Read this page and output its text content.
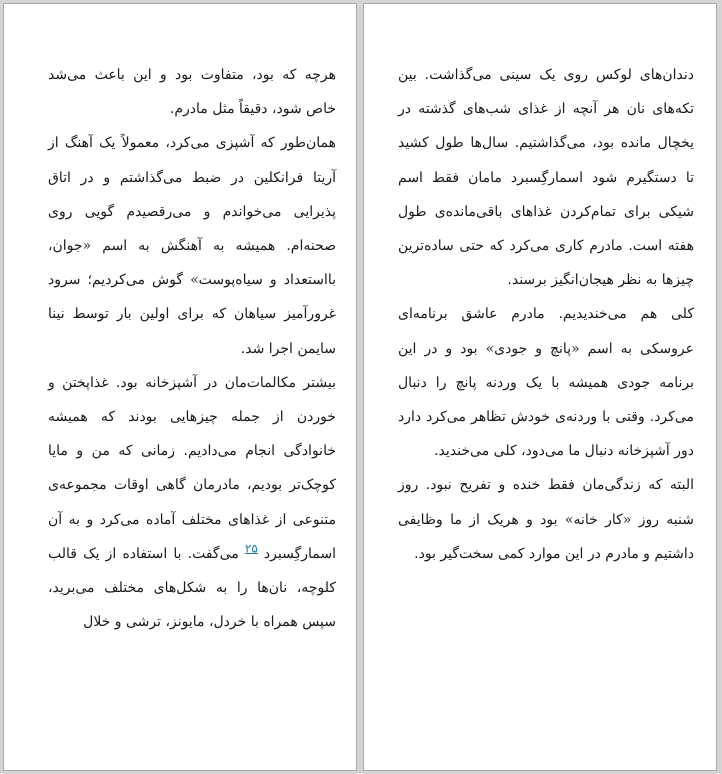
هرچه که بود، متفاوت بود و این باعث می‌شد خاص شود، دقیقاً مثل مادرم.

همان‌طور که آشپزی می‌کرد، معمولاً یک آهنگ از آریتا فرانکلین در ضبط می‌گذاشتم و در اتاق پذیرایی می‌خواندم و می‌رقصیدم گویی روی صحنه‌ام. همیشه به آهنگش به اسم «جوان، بااستعداد و سیاه‌پوست» گوش می‌کردیم؛ سرود غرورآمیز سیاهان که برای اولین بار توسط نینا سایمن اجرا شد.

بیشتر مکالمات‌مان در آشپزخانه بود. غذاپختن و خوردن از جمله چیزهایی بودند که همیشه خانوادگی انجام می‌دادیم. زمانی که من و مایا کوچک‌تر بودیم، مادرمان گاهی اوقات مجموعه‌ی متنوعی از غذاهای مختلف آماده می‌کرد و به آن اسمارگِسبرد ۲۵ می‌گفت. با استفاده از یک قالب کلوچه، نان‌ها را به شکل‌های مختلف می‌برید، سپس همراه با خردل، مایونز، ترشی و خلال

دندان‌های لوکس روی یک سینی می‌گذاشت. بین تکه‌های نان هر آنچه از غذای شب‌های گذشته در یخچال مانده بود، می‌گذاشتیم. سال‌ها طول کشید تا دستگیرم شود اسمارگِسبرد مامان فقط اسم شیکی برای تمام‌کردن غذاهای باقی‌مانده‌ی طول هفته است. مادرم کاری می‌کرد که حتی ساده‌ترین چیزها به نظر هیجان‌انگیز برسند.

کلی هم می‌خندیدیم. مادرم عاشق برنامه‌ای عروسکی به اسم «پانچ و جودی» بود و در این برنامه جودی همیشه با یک وردنه پانچ را دنبال می‌کرد. وقتی با وردنه‌ی خودش تظاهر می‌کرد دارد دور آشپزخانه دنبال ما می‌دود، کلی می‌خندید.

البته که زندگی‌مان فقط خنده و تفریح نبود. روز شنبه روز «کار خانه» بود و هریک از ما وظایفی داشتیم و مادرم در این موارد کمی سخت‌گیر بود.
